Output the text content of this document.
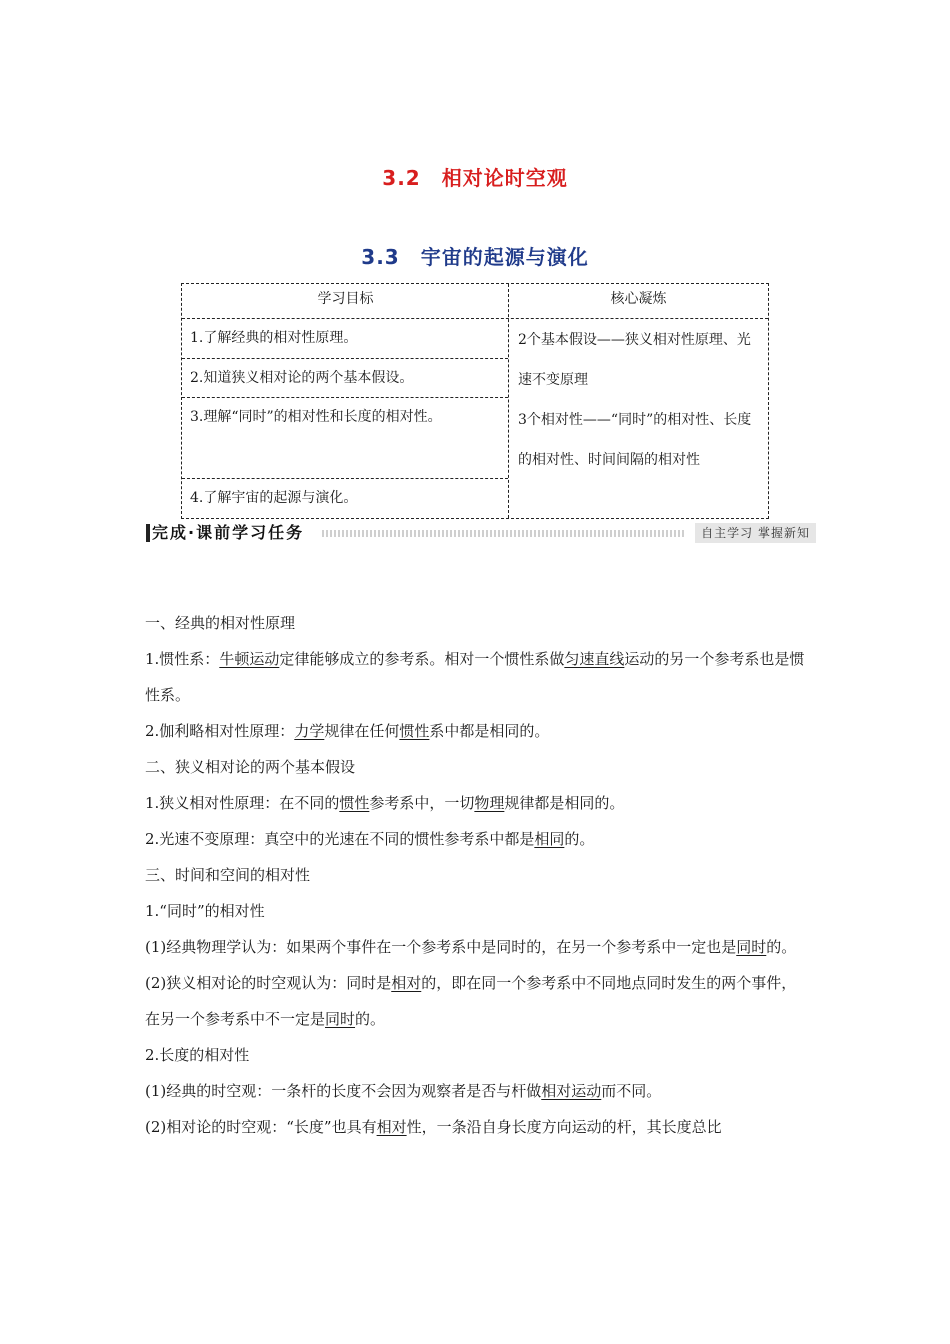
3.2　相对论时空观
3.3　宇宙的起源与演化
学习目标	核心凝炼
1.了解经典的相对性原理。
2.知道狭义相对论的两个基本假设。
3.理解“同时”的相对性和长度的相对性。
4.了解宇宙的起源与演化。

2个基本假设——狭义相对性原理、光速不变原理

3个相对性——“同时”的相对性、长度的相对性、时间间隔的相对性

完成·课前学习任务	自主学习 掌握新知

一、经典的相对性原理

1.惯性系：牛顿运动定律能够成立的参考系。相对一个惯性系做匀速直线运动的另一个参考系也是惯性系。

2.伽利略相对性原理：力学规律在任何惯性系中都是相同的。

二、狭义相对论的两个基本假设

1.狭义相对性原理：在不同的惯性参考系中，一切物理规律都是相同的。

2.光速不变原理：真空中的光速在不同的惯性参考系中都是相同的。

三、时间和空间的相对性

1.“同时”的相对性

(1)经典物理学认为：如果两个事件在一个参考系中是同时的，在另一个参考系中一定也是同时的。

(2)狭义相对论的时空观认为：同时是相对的，即在同一个参考系中不同地点同时发生的两个事件，在另一个参考系中不一定是同时的。

2.长度的相对性

(1)经典的时空观：一条杆的长度不会因为观察者是否与杆做相对运动而不同。

(2)相对论的时空观：“长度”也具有相对性，一条沿自身长度方向运动的杆，其长度总比
